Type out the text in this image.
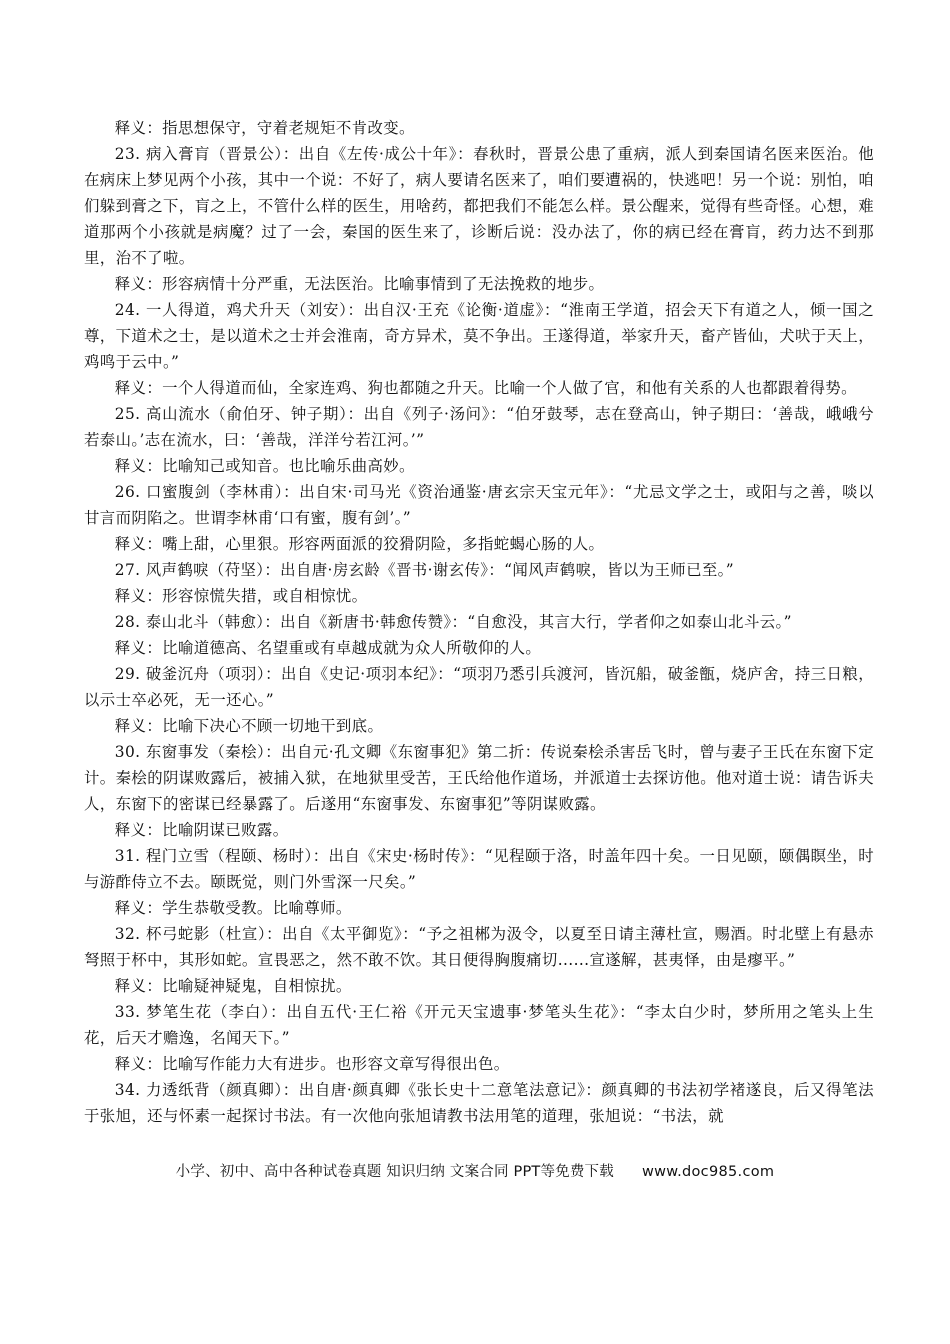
释义：指思想保守，守着老规矩不肯改变。

23. 病入膏肓（晋景公）：出自《左传·成公十年》：春秋时，晋景公患了重病，派人到秦国请名医来医治。他在病床上梦见两个小孩，其中一个说：不好了，病人要请名医来了，咱们要遭祸的，快逃吧！另一个说：别怕，咱们躲到膏之下，肓之上，不管什么样的医生，用啥药，都把我们不能怎么样。景公醒来，觉得有些奇怪。心想，难道那两个小孩就是病魔？过了一会，秦国的医生来了，诊断后说：没办法了，你的病已经在膏肓，药力达不到那里，治不了啦。

释义：形容病情十分严重，无法医治。比喻事情到了无法挽救的地步。

24. 一人得道，鸡犬升天（刘安）：出自汉·王充《论衡·道虚》：“淮南王学道，招会天下有道之人，倾一国之尊，下道术之士，是以道术之士并会淮南，奇方异术，莫不争出。王遂得道，举家升天，畜产皆仙，犬吠于天上，鸡鸣于云中。”

释义：一个人得道而仙，全家连鸡、狗也都随之升天。比喻一个人做了官，和他有关系的人也都跟着得势。

25. 高山流水（俞伯牙、钟子期）：出自《列子·汤问》：“伯牙鼓琴，志在登高山，钟子期曰：‘善哉，峨峨兮若泰山。’志在流水，曰：‘善哉，洋洋兮若江河。’”

释义：比喻知己或知音。也比喻乐曲高妙。

26. 口蜜腹剑（李林甫）：出自宋·司马光《资治通鉴·唐玄宗天宝元年》：“尤忌文学之士，或阳与之善，啖以甘言而阴陷之。世谓李林甫‘口有蜜，腹有剑’。”

释义：嘴上甜，心里狠。形容两面派的狡猾阴险，多指蛇蝎心肠的人。

27. 风声鹤唳（苻坚）：出自唐·房玄龄《晋书·谢玄传》：“闻风声鹤唳，皆以为王师已至。”

释义：形容惊慌失措，或自相惊忧。

28. 泰山北斗（韩愈）：出自《新唐书·韩愈传赞》：“自愈没，其言大行，学者仰之如泰山北斗云。”

释义：比喻道德高、名望重或有卓越成就为众人所敬仰的人。

29. 破釜沉舟（项羽）：出自《史记·项羽本纪》：“项羽乃悉引兵渡河，皆沉船，破釜甑，烧庐舍，持三日粮，以示士卒必死，无一还心。”

释义：比喻下决心不顾一切地干到底。

30. 东窗事发（秦桧）：出自元·孔文卿《东窗事犯》第二折：传说秦桧杀害岳飞时，曾与妻子王氏在东窗下定计。秦桧的阴谋败露后，被捕入狱，在地狱里受苦，王氏给他作道场，并派道士去探访他。他对道士说：请告诉夫人，东窗下的密谋已经暴露了。后遂用“东窗事发、东窗事犯”等阴谋败露。

释义：比喻阴谋已败露。

31. 程门立雪（程颐、杨时）：出自《宋史·杨时传》：“见程颐于洛，时盖年四十矣。一日见颐，颐偶瞑坐，时与游酢侍立不去。颐既觉，则门外雪深一尺矣。”

释义：学生恭敬受教。比喻尊师。

32. 杯弓蛇影（杜宣）：出自《太平御览》：“予之祖郴为汲令，以夏至日请主薄杜宣，赐酒。时北壁上有悬赤弩照于杯中，其形如蛇。宣畏恶之，然不敢不饮。其日便得胸腹痛切......宣遂解，甚夷怿，由是瘳平。”

释义：比喻疑神疑鬼，自相惊扰。

33. 梦笔生花（李白）：出自五代·王仁裕《开元天宝遗事·梦笔头生花》：“李太白少时，梦所用之笔头上生花，后天才赡逸，名闻天下。”

释义：比喻写作能力大有进步。也形容文章写得很出色。

34. 力透纸背（颜真卿）：出自唐·颜真卿《张长史十二意笔法意记》：颜真卿的书法初学褚遂良，后又得笔法于张旭，还与怀素一起探讨书法。有一次他向张旭请教书法用笔的道理，张旭说：“书法，就

小学、初中、高中各种试卷真题 知识归纳 文案合同 PPT等免费下载 www.doc985.com
